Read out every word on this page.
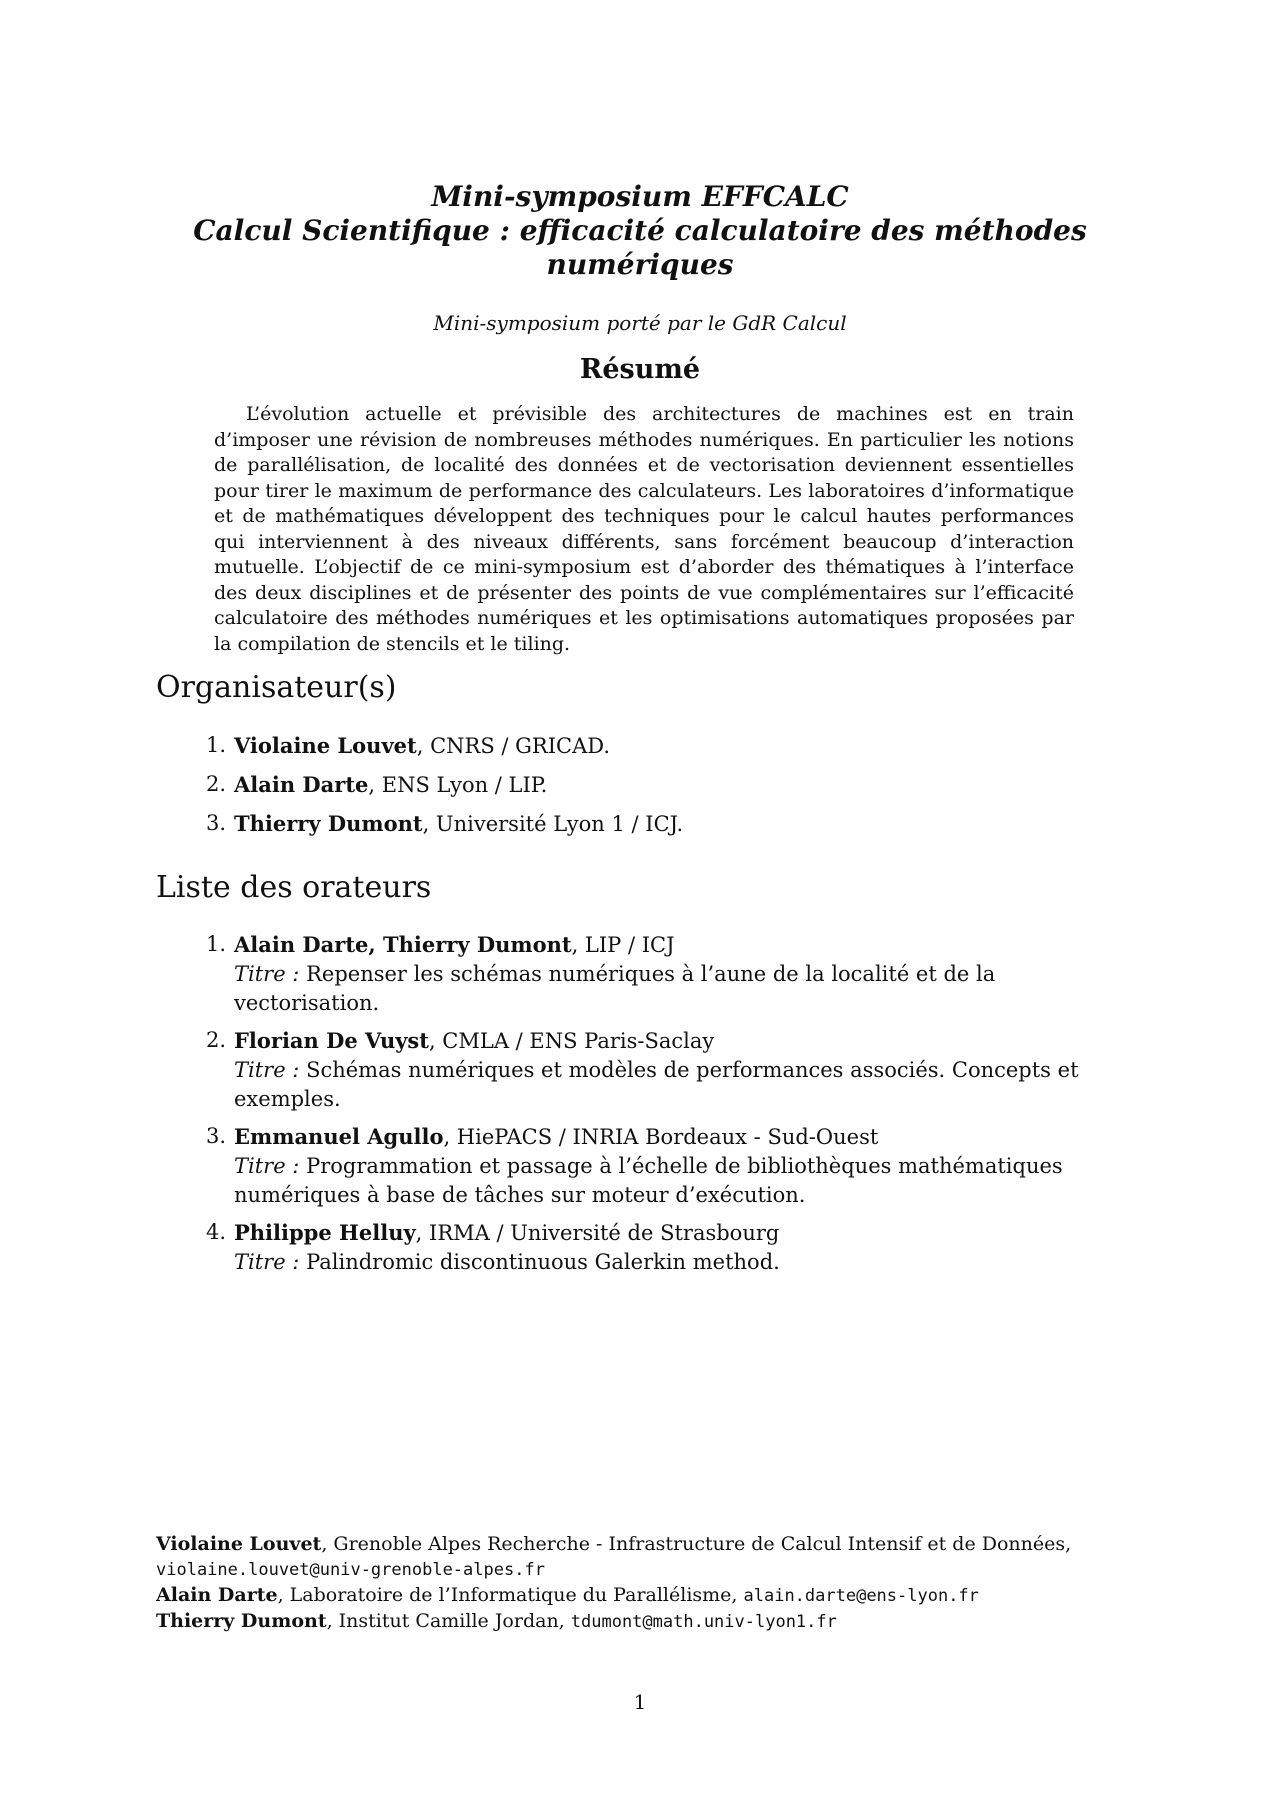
Mini-symposium EFFCALC

Calcul Scientifique : efficacité calculatoire des méthodes

numériques

Mini-symposium porté par le GdR Calcul

Résumé

L’évolution actuelle et prévisible des architectures de machines est en train d’imposer une révision de nombreuses méthodes numériques. En particulier les notions de parallélisation, de localité des données et de vectorisation deviennent essentielles pour tirer le maximum de performance des calculateurs. Les laboratoires d’informatique et de mathématiques développent des techniques pour le calcul hautes performances qui interviennent à des niveaux différents, sans forcément beaucoup d’interaction mutuelle. L’objectif de ce mini-symposium est d’aborder des thématiques à l’interface des deux disciplines et de présenter des points de vue complémentaires sur l’efficacité calculatoire des méthodes numériques et les optimisations automatiques proposées par la compilation de stencils et le tiling.

Organisateur(s)
1. Violaine Louvet, CNRS / GRICAD.
2. Alain Darte, ENS Lyon / LIP.
3. Thierry Dumont, Université Lyon 1 / ICJ.
Liste des orateurs
1. Alain Darte, Thierry Dumont, LIP / ICJ
Titre : Repenser les schémas numériques à l’aune de la localité et de la vectorisation.
2. Florian De Vuyst, CMLA / ENS Paris-Saclay
Titre : Schémas numériques et modèles de performances associés. Concepts et exemples.
3. Emmanuel Agullo, HiePACS / INRIA Bordeaux - Sud-Ouest
Titre : Programmation et passage à l’échelle de bibliothèques mathématiques numériques à base de tâches sur moteur d’exécution.
4. Philippe Helluy, IRMA / Université de Strasbourg
Titre : Palindromic discontinuous Galerkin method.
Violaine Louvet, Grenoble Alpes Recherche - Infrastructure de Calcul Intensif et de Données, violaine.louvet@univ-grenoble-alpes.fr
Alain Darte, Laboratoire de l’Informatique du Parallélisme, alain.darte@ens-lyon.fr
Thierry Dumont, Institut Camille Jordan, tdumont@math.univ-lyon1.fr
1
